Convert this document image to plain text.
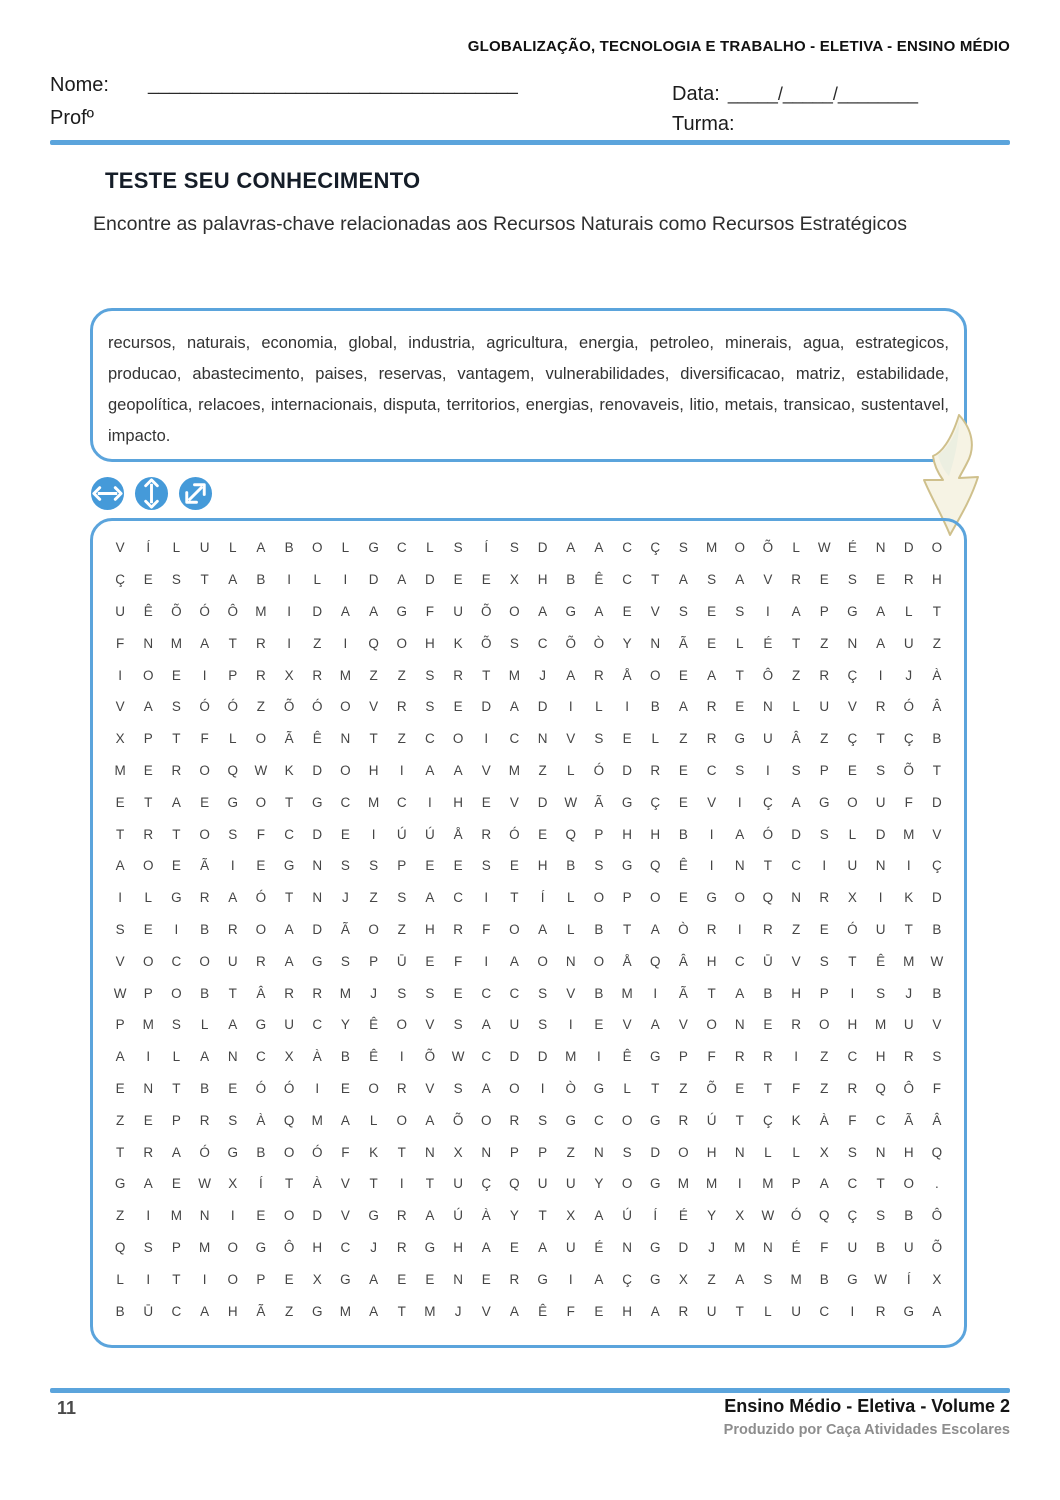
GLOBALIZAÇÃO, TECNOLOGIA E TRABALHO - ELETIVA - ENSINO MÉDIO
Nome: ___________________________________
Profº
Data: _____/_____/________
Turma:
TESTE SEU CONHECIMENTO
Encontre as palavras-chave relacionadas aos Recursos Naturais como Recursos Estratégicos
recursos, naturais, economia, global, industria, agricultura, energia, petroleo, minerais, agua, estrategicos, producao, abastecimento, paises, reservas, vantagem, vulnerabilidades, diversificacao, matriz, estabilidade, geopolítica, relacoes, internacionais, disputa, territorios, energias, renovaveis, litio, metais, transicao, sustentavel, impacto.
V	Í	L	U	L	A	B	O	L	G	C	L	S	Í	S	D	A	A	C	Ç	S	M	O	Õ	L	W	É	N	D	O
Ç	E	S	T	A	B	I	L	I	D	A	D	E	E	X	H	B	Ê	C	T	A	S	A	V	R	E	S	E	R	H
U	Ê	Õ	Ó	Ô	M	I	D	A	A	G	F	U	Õ	O	A	G	A	E	V	S	E	S	I	A	P	G	A	L	T
F	N	M	A	T	R	I	Z	I	Q	O	H	K	Õ	S	C	Õ	Ò	Y	N	Ã	E	L	É	T	Z	N	A	U	Z
I	O	E	I	P	R	X	R	M	Z	Z	S	R	T	M	J	A	R	Å	O	E	A	T	Ô	Z	R	Ç	I	J	À
V	A	S	Ó	Ó	Z	Õ	Ó	O	V	R	S	E	D	A	D	I	L	I	B	A	R	E	N	L	U	V	R	Ó	Â
X	P	T	F	L	O	Ã	Ê	N	T	Z	C	O	I	C	N	V	S	E	L	Z	R	G	U	Â	Z	Ç	T	Ç	B
M	E	R	O	Q	W	K	D	O	H	I	A	A	V	M	Z	L	Ó	D	R	E	C	S	I	S	P	E	S	Õ	T
E	T	A	E	G	O	T	G	C	M	C	I	H	E	V	D	W	Ã	G	Ç	E	V	I	Ç	A	G	O	U	F	D
T	R	T	O	S	F	C	D	E	I	Ú	Ú	Å	R	Ó	E	Q	P	H	H	B	I	A	Ó	D	S	L	D	M	V
A	O	E	Ã	I	E	G	N	S	S	P	E	E	S	E	H	B	S	G	Q	Ê	I	N	T	C	I	U	N	I	Ç
I	L	G	R	A	Ó	T	N	J	Z	S	A	C	I	T	Í	L	O	P	O	E	G	O	Q	N	R	X	I	K	D
S	E	I	B	R	O	A	D	Ã	O	Z	H	R	F	O	A	L	B	T	A	Ò	R	I	R	Z	E	Ó	U	T	B
V	O	C	O	U	R	A	G	S	P	Ū	E	F	I	A	O	N	O	Å	Q	Â	H	C	Ū	V	S	T	Ê	M	W
W	P	O	B	T	Â	R	R	M	J	S	S	E	C	C	S	V	B	M	I	Ã	T	A	B	H	P	I	S	J	B
P	M	S	L	A	G	U	C	Y	Ê	O	V	S	A	U	S	I	E	V	A	V	O	N	E	R	O	H	M	U	V
A	I	L	A	N	C	X	À	B	Ê	I	Õ	W	C	D	D	M	I	Ê	G	P	F	R	R	I	Z	C	H	R	S
E	N	T	B	E	Ó	Ó	I	E	O	R	V	S	A	O	I	Ò	G	L	T	Z	Õ	E	T	F	Z	R	Q	Ô	F
Z	E	P	R	S	À	Q	M	A	L	O	A	Õ	O	R	S	G	C	O	G	R	Ú	T	Ç	K	À	F	C	Ã	Â
T	R	A	Ó	G	B	O	Ó	F	K	T	N	X	N	P	P	Z	N	S	D	O	H	N	L	L	X	S	N	H	Q
G	A	E	W	X	Í	T	À	V	T	I	T	U	Ç	Q	U	U	Y	O	G	M	M	I	M	P	A	C	T	O	.
Z	I	M	N	I	E	O	D	V	G	R	A	Ú	À	Y	T	X	A	Ú	Í	É	Y	X	W	Ó	Q	Ç	S	B	Ô
Q	S	P	M	O	G	Ô	H	C	J	R	G	H	A	E	A	U	É	N	G	D	J	M	N	É	F	U	B	U	Õ
L	I	T	I	O	P	E	X	G	A	E	E	N	E	R	G	I	A	Ç	G	X	Z	A	S	M	B	G	W	Í	X
B	Ū	C	A	H	Ã	Z	G	M	A	T	M	J	V	A	Ê	F	E	H	A	R	U	T	L	U	C	I	R	G	A
11	Ensino Médio - Eletiva - Volume 2
Produzido por Caça Atividades Escolares
